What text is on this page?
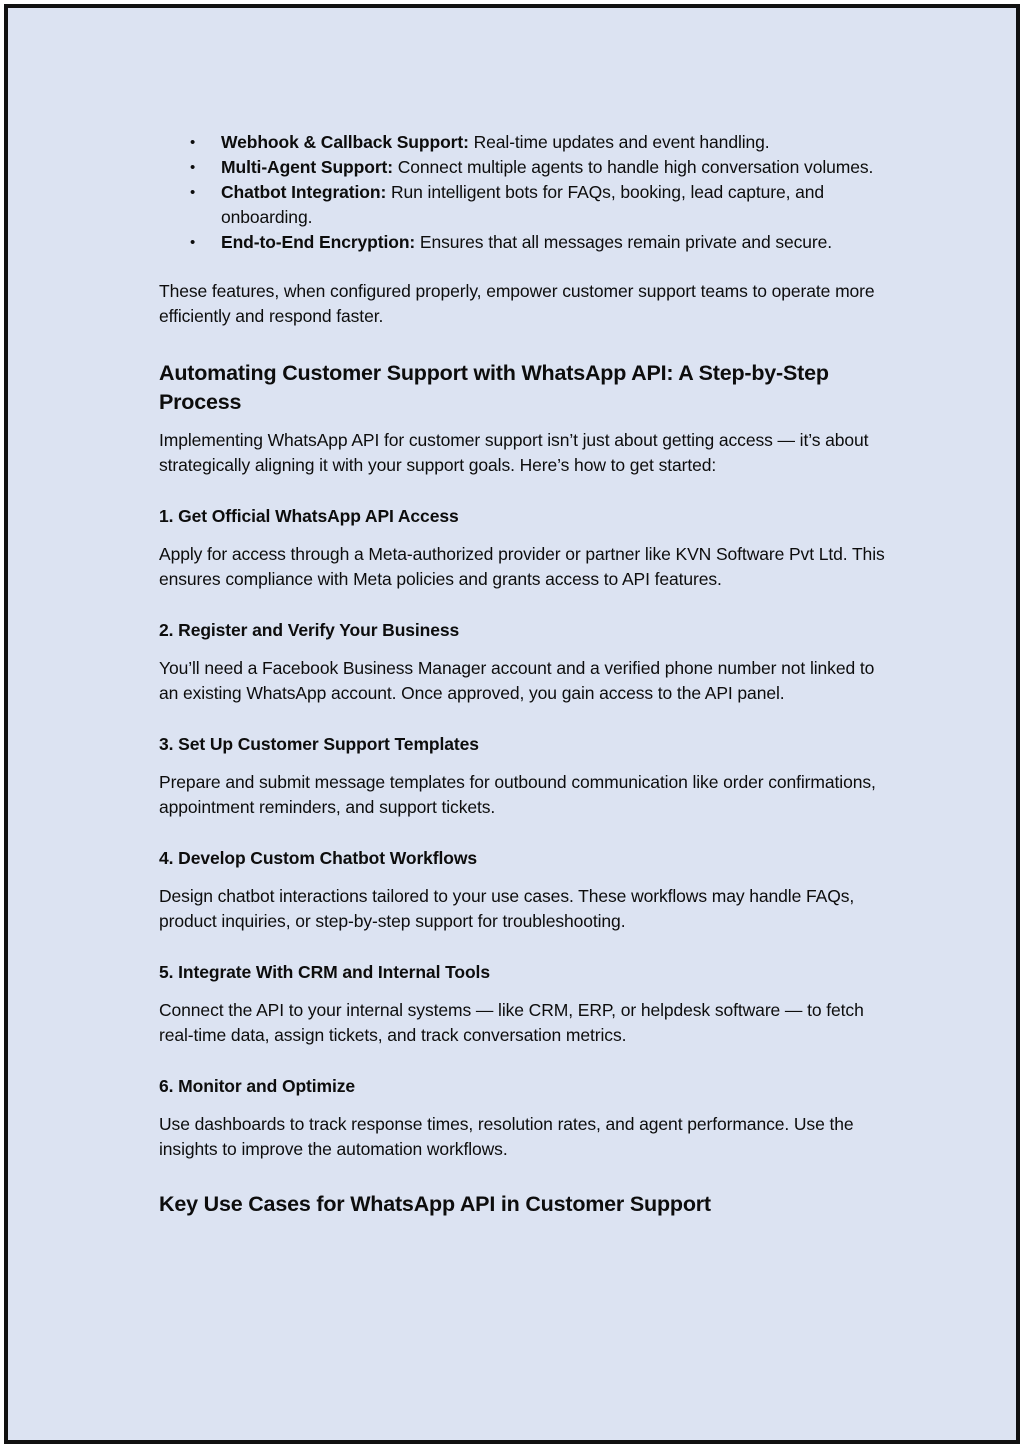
• Webhook & Callback Support: Real-time updates and event handling.
• Multi-Agent Support: Connect multiple agents to handle high conversation volumes.
• Chatbot Integration: Run intelligent bots for FAQs, booking, lead capture, and onboarding.
• End-to-End Encryption: Ensures that all messages remain private and secure.

These features, when configured properly, empower customer support teams to operate more efficiently and respond faster.

Automating Customer Support with WhatsApp API: A Step-by-Step Process

Implementing WhatsApp API for customer support isn’t just about getting access — it’s about strategically aligning it with your support goals. Here’s how to get started:

1. Get Official WhatsApp API Access

Apply for access through a Meta-authorized provider or partner like KVN Software Pvt Ltd. This ensures compliance with Meta policies and grants access to API features.

2. Register and Verify Your Business

You’ll need a Facebook Business Manager account and a verified phone number not linked to an existing WhatsApp account. Once approved, you gain access to the API panel.

3. Set Up Customer Support Templates

Prepare and submit message templates for outbound communication like order confirmations, appointment reminders, and support tickets.

4. Develop Custom Chatbot Workflows

Design chatbot interactions tailored to your use cases. These workflows may handle FAQs, product inquiries, or step-by-step support for troubleshooting.

5. Integrate With CRM and Internal Tools

Connect the API to your internal systems — like CRM, ERP, or helpdesk software — to fetch real-time data, assign tickets, and track conversation metrics.

6. Monitor and Optimize

Use dashboards to track response times, resolution rates, and agent performance. Use the insights to improve the automation workflows.

Key Use Cases for WhatsApp API in Customer Support
